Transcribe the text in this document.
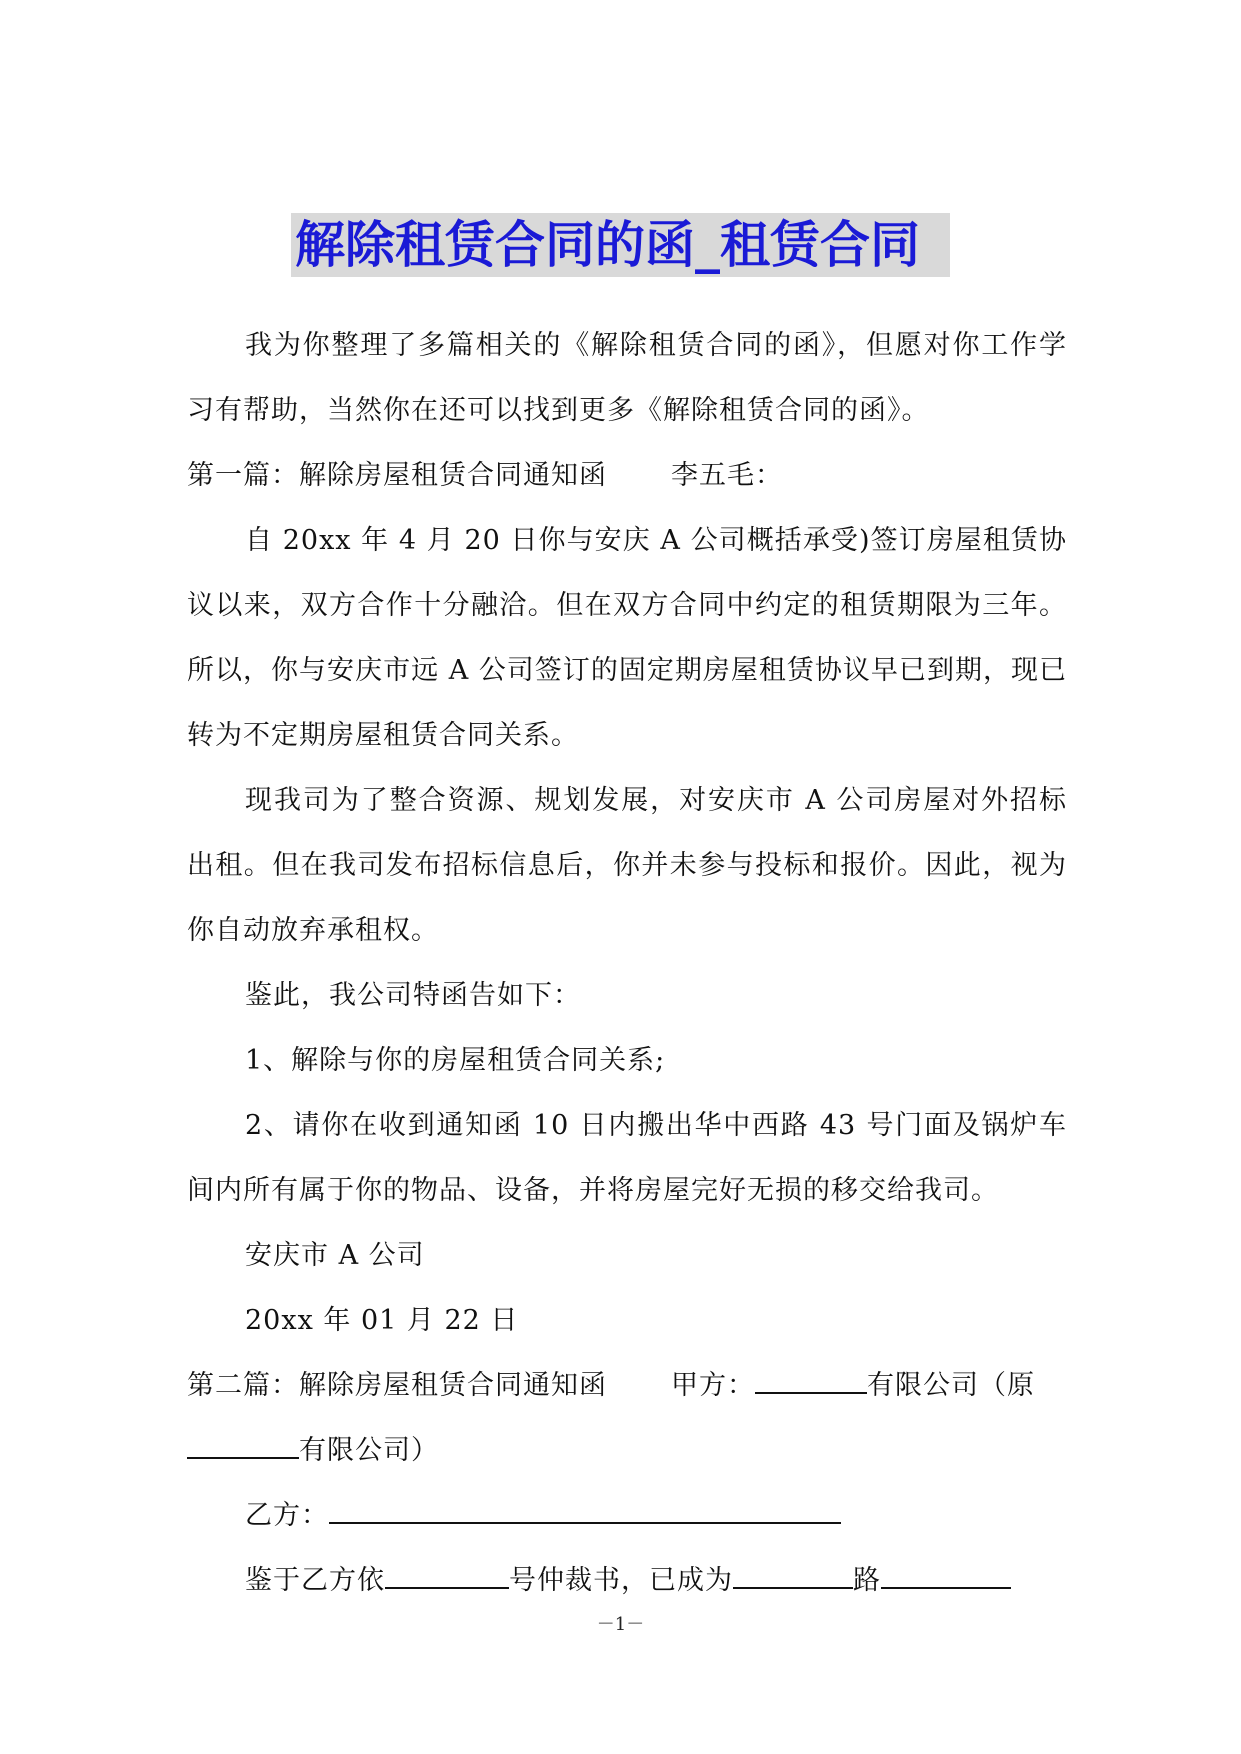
解除租赁合同的函_租赁合同

我为你整理了多篇相关的《解除租赁合同的函》，但愿对你工作学习有帮助，当然你在还可以找到更多《解除租赁合同的函》。

第一篇：解除房屋租赁合同通知函 李五毛：

自 20xx 年 4 月 20 日你与安庆 A 公司概括承受)签订房屋租赁协议以来，双方合作十分融洽。但在双方合同中约定的租赁期限为三年。所以，你与安庆市远 A 公司签订的固定期房屋租赁协议早已到期，现已转为不定期房屋租赁合同关系。

现我司为了整合资源、规划发展，对安庆市 A 公司房屋对外招标出租。但在我司发布招标信息后，你并未参与投标和报价。因此，视为你自动放弃承租权。

鉴此，我公司特函告如下：

1、解除与你的房屋租赁合同关系;

2、请你在收到通知函 10 日内搬出华中西路 43 号门面及锅炉车间内所有属于你的物品、设备，并将房屋完好无损的移交给我司。

安庆市 A 公司

20xx 年 01 月 22 日

第二篇：解除房屋租赁合同通知函 甲方：	有限公司（原
有限公司）

乙方：

鉴于乙方依	号仲裁书，已成为	路

－1－
